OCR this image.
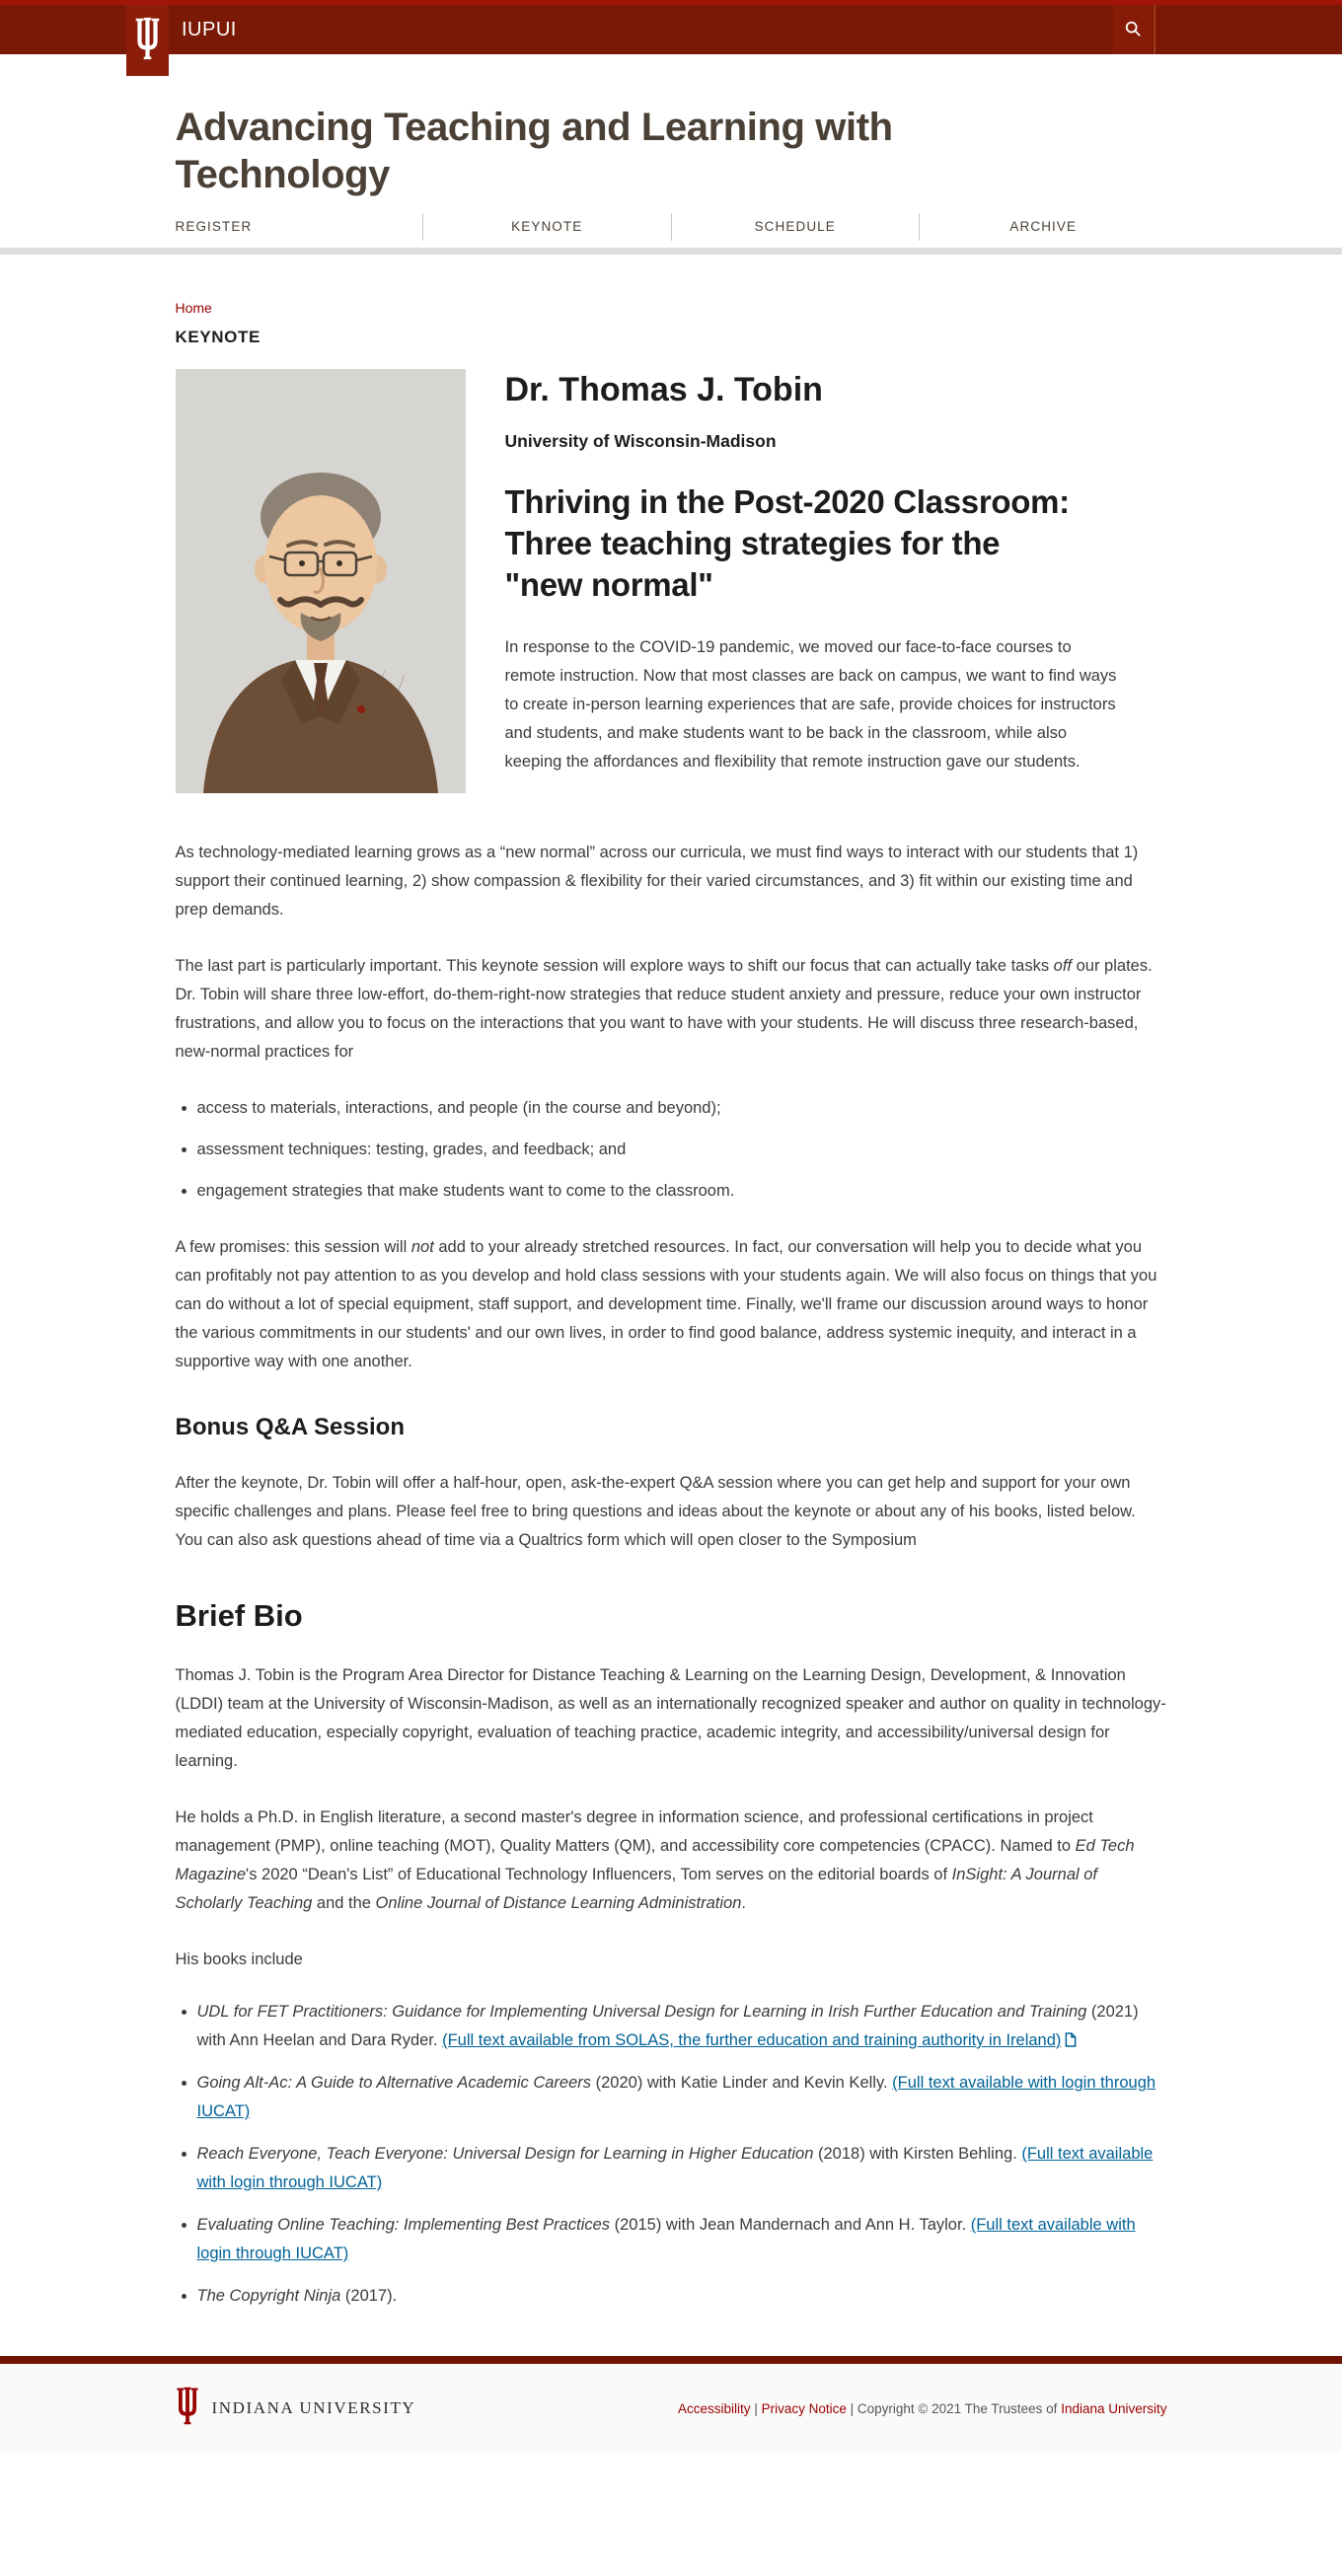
IUPUI
Advancing Teaching and Learning with Technology
REGISTER	KEYNOTE	SCHEDULE	ARCHIVE
Home
KEYNOTE
Dr. Thomas J. Tobin
University of Wisconsin-Madison
Thriving in the Post-2020 Classroom: Three teaching strategies for the "new normal"

In response to the COVID-19 pandemic, we moved our face-to-face courses to remote instruction. Now that most classes are back on campus, we want to find ways to create in-person learning experiences that are safe, provide choices for instructors and students, and make students want to be back in the classroom, while also keeping the affordances and flexibility that remote instruction gave our students.

As technology-mediated learning grows as a “new normal” across our curricula, we must find ways to interact with our students that 1) support their continued learning, 2) show compassion & flexibility for their varied circumstances, and 3) fit within our existing time and prep demands.

The last part is particularly important. This keynote session will explore ways to shift our focus that can actually take tasks off our plates. Dr. Tobin will share three low-effort, do-them-right-now strategies that reduce student anxiety and pressure, reduce your own instructor frustrations, and allow you to focus on the interactions that you want to have with your students. He will discuss three research-based, new-normal practices for

• access to materials, interactions, and people (in the course and beyond);
• assessment techniques: testing, grades, and feedback; and
• engagement strategies that make students want to come to the classroom.

A few promises: this session will not add to your already stretched resources. In fact, our conversation will help you to decide what you can profitably not pay attention to as you develop and hold class sessions with your students again. We will also focus on things that you can do without a lot of special equipment, staff support, and development time. Finally, we'll frame our discussion around ways to honor the various commitments in our students' and our own lives, in order to find good balance, address systemic inequity, and interact in a supportive way with one another.

Bonus Q&A Session

After the keynote, Dr. Tobin will offer a half-hour, open, ask-the-expert Q&A session where you can get help and support for your own specific challenges and plans. Please feel free to bring questions and ideas about the keynote or about any of his books, listed below. You can also ask questions ahead of time via a Qualtrics form which will open closer to the Symposium

Brief Bio

Thomas J. Tobin is the Program Area Director for Distance Teaching & Learning on the Learning Design, Development, & Innovation (LDDI) team at the University of Wisconsin-Madison, as well as an internationally recognized speaker and author on quality in technology-mediated education, especially copyright, evaluation of teaching practice, academic integrity, and accessibility/universal design for learning.

He holds a Ph.D. in English literature, a second master's degree in information science, and professional certifications in project management (PMP), online teaching (MOT), Quality Matters (QM), and accessibility core competencies (CPACC). Named to Ed Tech Magazine's 2020 “Dean's List” of Educational Technology Influencers, Tom serves on the editorial boards of InSight: A Journal of Scholarly Teaching and the Online Journal of Distance Learning Administration.

His books include

• UDL for FET Practitioners: Guidance for Implementing Universal Design for Learning in Irish Further Education and Training (2021) with Ann Heelan and Dara Ryder. (Full text available from SOLAS, the further education and training authority in Ireland)
• Going Alt-Ac: A Guide to Alternative Academic Careers (2020) with Katie Linder and Kevin Kelly. (Full text available with login through IUCAT)
• Reach Everyone, Teach Everyone: Universal Design for Learning in Higher Education (2018) with Kirsten Behling. (Full text available with login through IUCAT)
• Evaluating Online Teaching: Implementing Best Practices (2015) with Jean Mandernach and Ann H. Taylor. (Full text available with login through IUCAT)
• The Copyright Ninja (2017).
INDIANA UNIVERSITY	Accessibility | Privacy Notice | Copyright © 2021 The Trustees of Indiana University
